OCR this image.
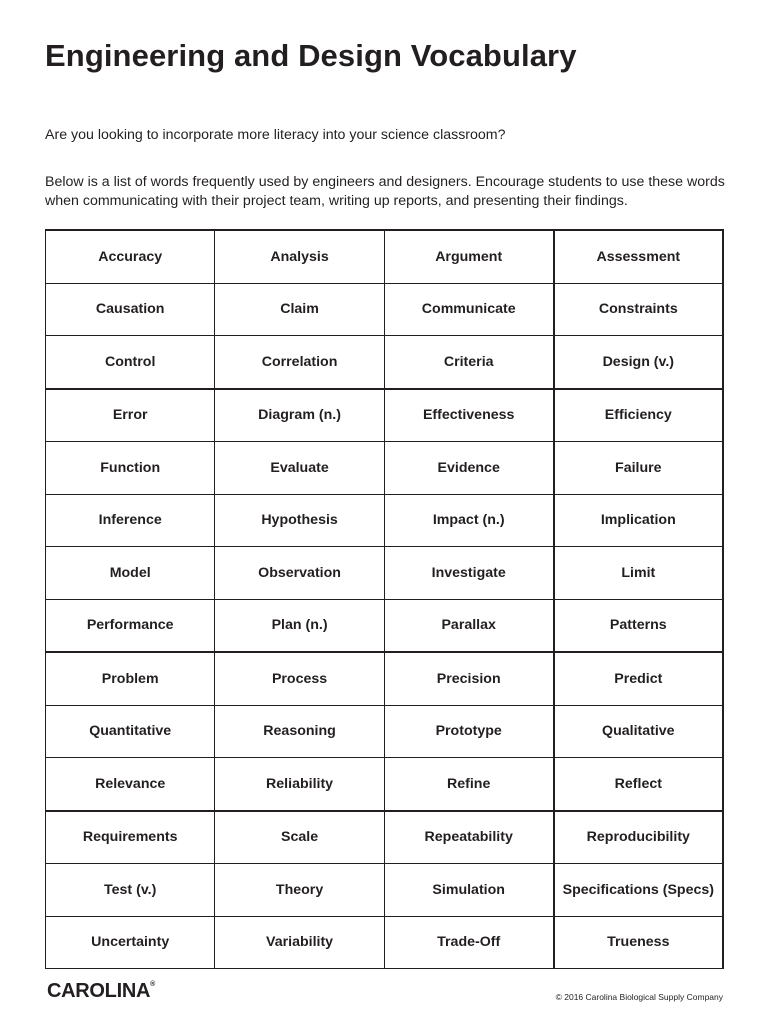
Engineering and Design Vocabulary

Are you looking to incorporate more literacy into your science classroom?

Below is a list of words frequently used by engineers and designers. Encourage students to use these words when communicating with their project team, writing up reports, and presenting their findings.

Accuracy	Analysis	Argument	Assessment
Causation	Claim	Communicate	Constraints
Control	Correlation	Criteria	Design (v.)
Error	Diagram (n.)	Effectiveness	Efficiency
Function	Evaluate	Evidence	Failure
Inference	Hypothesis	Impact (n.)	Implication
Model	Observation	Investigate	Limit
Performance	Plan (n.)	Parallax	Patterns
Problem	Process	Precision	Predict
Quantitative	Reasoning	Prototype	Qualitative
Relevance	Reliability	Refine	Reflect
Requirements	Scale	Repeatability	Reproducibility
Test (v.)	Theory	Simulation	Specifications (Specs)
Uncertainty	Variability	Trade-Off	Trueness
CAROLINA®
© 2016 Carolina Biological Supply Company
